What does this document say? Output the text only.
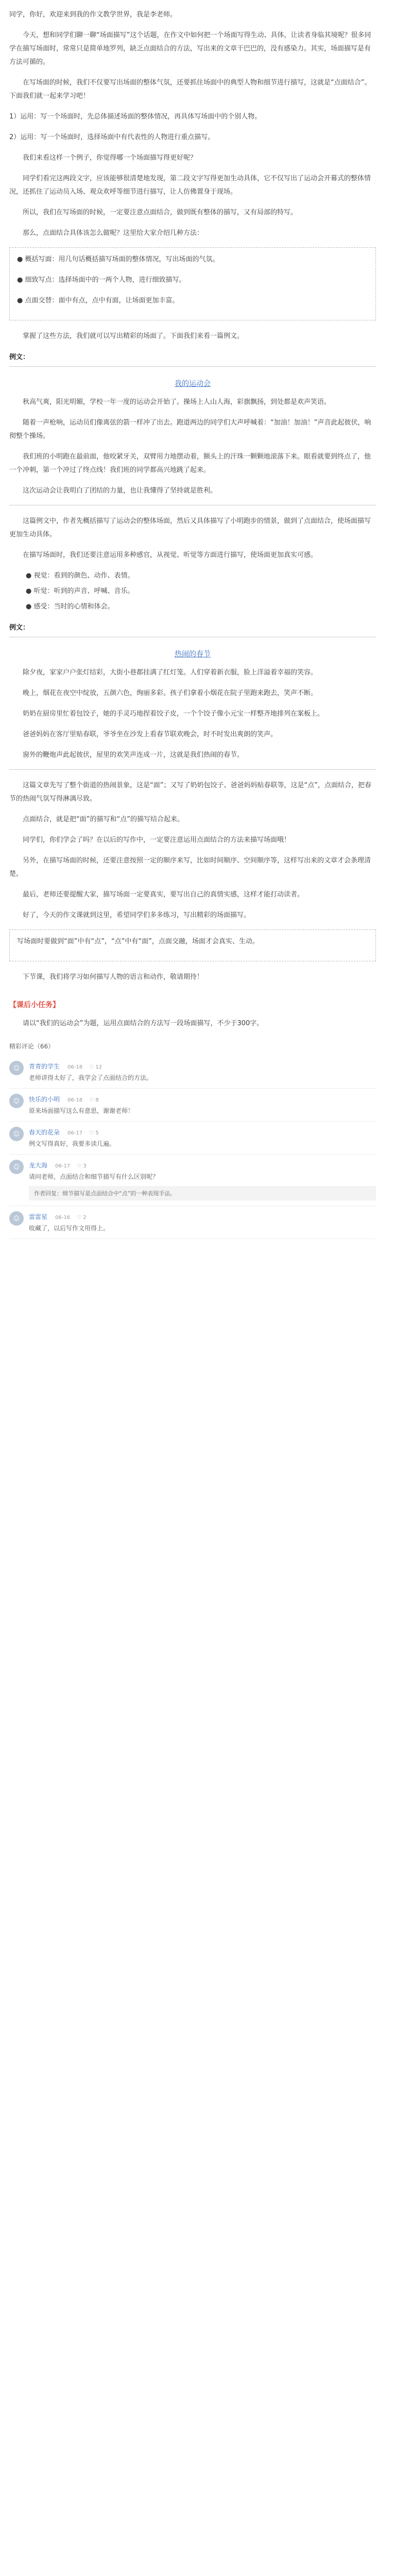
同学，你好，欢迎来到我的作文教学世界，我是李老师。

今天，想和同学们聊一聊“场面描写”这个话题，在作文中如何把一个场面写得生动、具体，让读者身临其境呢？很多同学在描写场面时，常常只是简单地罗列，缺乏点面结合的方法，写出来的文章干巴巴的，没有感染力。其实，场面描写是有方法可循的。

在写场面的时候，我们不仅要写出场面的整体气氛，还要抓住场面中的典型人物和细节进行描写，这就是“点面结合”。下面我们就一起来学习吧！

1）运用：写一个场面时，先总体描述场面的整体情况，再具体写场面中的个别人物。

2）运用：写一个场面时，选择场面中有代表性的人物进行重点描写。

我们来看这样一个例子，你觉得哪一个场面描写得更好呢？

同学们看完这两段文字，应该能够很清楚地发现，第二段文字写得更加生动具体，它不仅写出了运动会开幕式的整体情况，还抓住了运动员入场、观众欢呼等细节进行描写，让人仿佛置身于现场。

所以，我们在写场面的时候，一定要注意点面结合，做到既有整体的描写，又有局部的特写。

那么，点面结合具体该怎么做呢？这里给大家介绍几种方法：

● 概括写面：用几句话概括描写场面的整体情况，写出场面的气氛。

● 细致写点：选择场面中的一两个人物，进行细致描写。

● 点面交替：面中有点，点中有面，让场面更加丰富。

掌握了这些方法，我们就可以写出精彩的场面了。下面我们来看一篇例文。

例文：
我的运动会

秋高气爽，阳光明媚，学校一年一度的运动会开始了。操场上人山人海，彩旗飘扬，到处都是欢声笑语。

随着一声枪响，运动员们像离弦的箭一样冲了出去。跑道两边的同学们大声呼喊着：“加油！加油！”声音此起彼伏，响彻整个操场。

我们班的小明跑在最前面，他咬紧牙关，双臂用力地摆动着，额头上的汗珠一颗颗地滚落下来。眼看就要到终点了，他一个冲刺，第一个冲过了终点线！我们班的同学都高兴地跳了起来。

这次运动会让我明白了团结的力量，也让我懂得了坚持就是胜利。

这篇例文中，作者先概括描写了运动会的整体场面，然后又具体描写了小明跑步的情景，做到了点面结合，使场面描写更加生动具体。

在描写场面时，我们还要注意运用多种感官，从视觉、听觉等方面进行描写，使场面更加真实可感。

● 视觉：看到的颜色、动作、表情。

● 听觉：听到的声音、呼喊、音乐。

● 感受：当时的心情和体会。

例文：
热闹的春节

除夕夜，家家户户张灯结彩，大街小巷都挂满了红灯笼。人们穿着新衣服，脸上洋溢着幸福的笑容。

晚上，烟花在夜空中绽放，五颜六色，绚丽多彩。孩子们拿着小烟花在院子里跑来跑去，笑声不断。

奶奶在厨房里忙着包饺子，她的手灵巧地捏着饺子皮，一个个饺子像小元宝一样整齐地排列在案板上。

爸爸妈妈在客厅里贴春联，爷爷坐在沙发上看春节联欢晚会，时不时发出爽朗的笑声。

窗外的鞭炮声此起彼伏，屋里的欢笑声连成一片，这就是我们热闹的春节。

这篇文章先写了整个街道的热闹景象，这是“面”；又写了奶奶包饺子、爸爸妈妈贴春联等，这是“点”，点面结合，把春节的热闹气氛写得淋漓尽致。

点面结合，就是把“面”的描写和“点”的描写结合起来。

同学们，你们学会了吗？在以后的写作中，一定要注意运用点面结合的方法来描写场面哦！

另外，在描写场面的时候，还要注意按照一定的顺序来写，比如时间顺序、空间顺序等，这样写出来的文章才会条理清楚。

最后，老师还要提醒大家，描写场面一定要真实，要写出自己的真情实感，这样才能打动读者。

好了，今天的作文课就到这里，希望同学们多多练习，写出精彩的场面描写。

写场面时要做到“面”中有“点”，“点”中有“面”，点面交融，场面才会真实、生动。

下节课，我们将学习如何描写人物的语言和动作，敬请期待！

【课后小任务】

请以“我们的运动会”为题，运用点面结合的方法写一段场面描写，不少于300字。

精彩评论（66）
☺	青青的学生 06-18 ♡ 12
老师讲得太好了，我学会了点面结合的方法。
☺	快乐的小明 06-18 ♡ 8
原来场面描写这么有意思，谢谢老师！
☺	春天的花朵 06-17 ♡ 5
例文写得真好，我要多读几遍。
☺	龙大海 06-17 ♡ 3
请问老师，点面结合和细节描写有什么区别呢？
作者回复：细节描写是点面结合中“点”的一种表现手法。
☺	雷雷星 06-16 ♡ 2
收藏了，以后写作文用得上。
